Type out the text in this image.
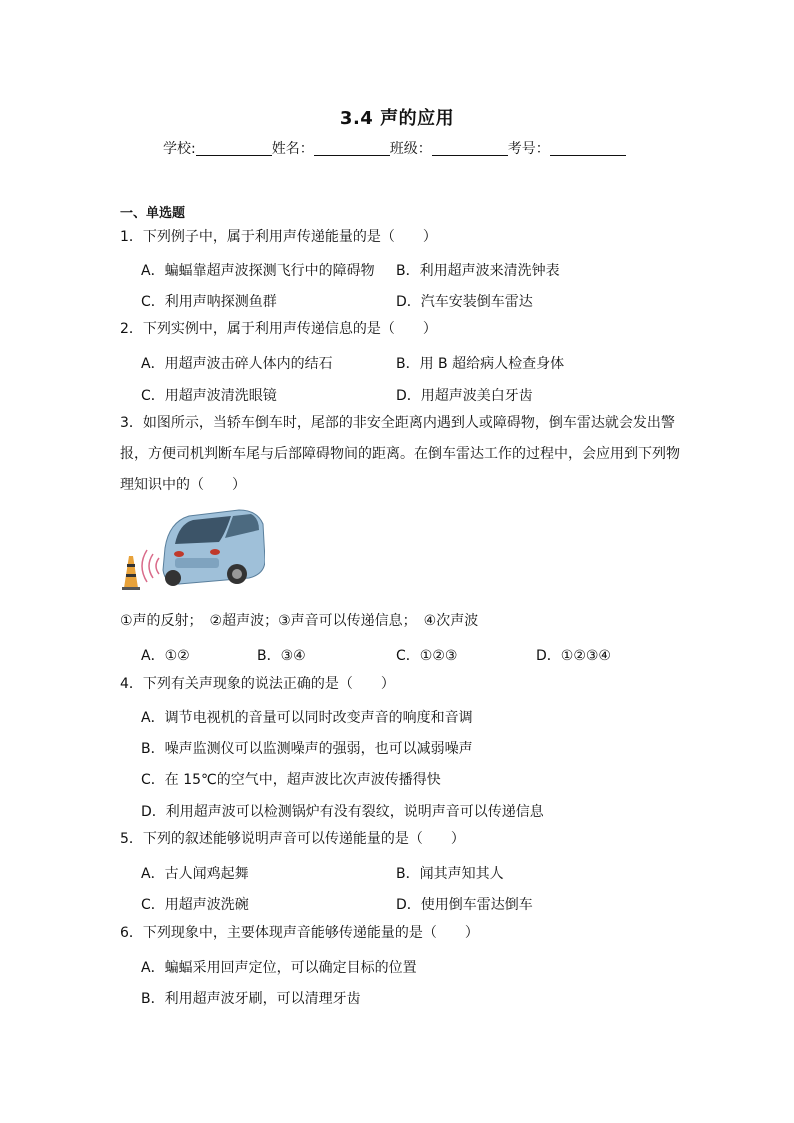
3.4 声的应用
学校:	姓名：	班级：	考号：
一、单选题
1．下列例子中，属于利用声传递能量的是（　　）
A．蝙蝠靠超声波探测飞行中的障碍物 B．利用超声波来清洗钟表
C．利用声呐探测鱼群	D．汽车安装倒车雷达
2．下列实例中，属于利用声传递信息的是（　　）
A．用超声波击碎人体内的结石	B．用 B 超给病人检查身体
C．用超声波清洗眼镜	D．用超声波美白牙齿
3．如图所示，当轿车倒车时，尾部的非安全距离内遇到人或障碍物，倒车雷达就会发出警报，方便司机判断车尾与后部障碍物间的距离。在倒车雷达工作的过程中，会应用到下列物理知识中的（　　）
①声的反射；　②超声波；③声音可以传递信息；　④次声波
A．①②	B．③④	C．①②③	D．①②③④
4．下列有关声现象的说法正确的是（　　）
A．调节电视机的音量可以同时改变声音的响度和音调
B．噪声监测仪可以监测噪声的强弱，也可以减弱噪声
C．在 15℃的空气中，超声波比次声波传播得快
D．利用超声波可以检测锅炉有没有裂纹，说明声音可以传递信息
5．下列的叙述能够说明声音可以传递能量的是（　　）
A．古人闻鸡起舞	B．闻其声知其人
C．用超声波洗碗	D．使用倒车雷达倒车
6．下列现象中，主要体现声音能够传递能量的是（　　）
A．蝙蝠采用回声定位，可以确定目标的位置
B．利用超声波牙刷，可以清理牙齿
